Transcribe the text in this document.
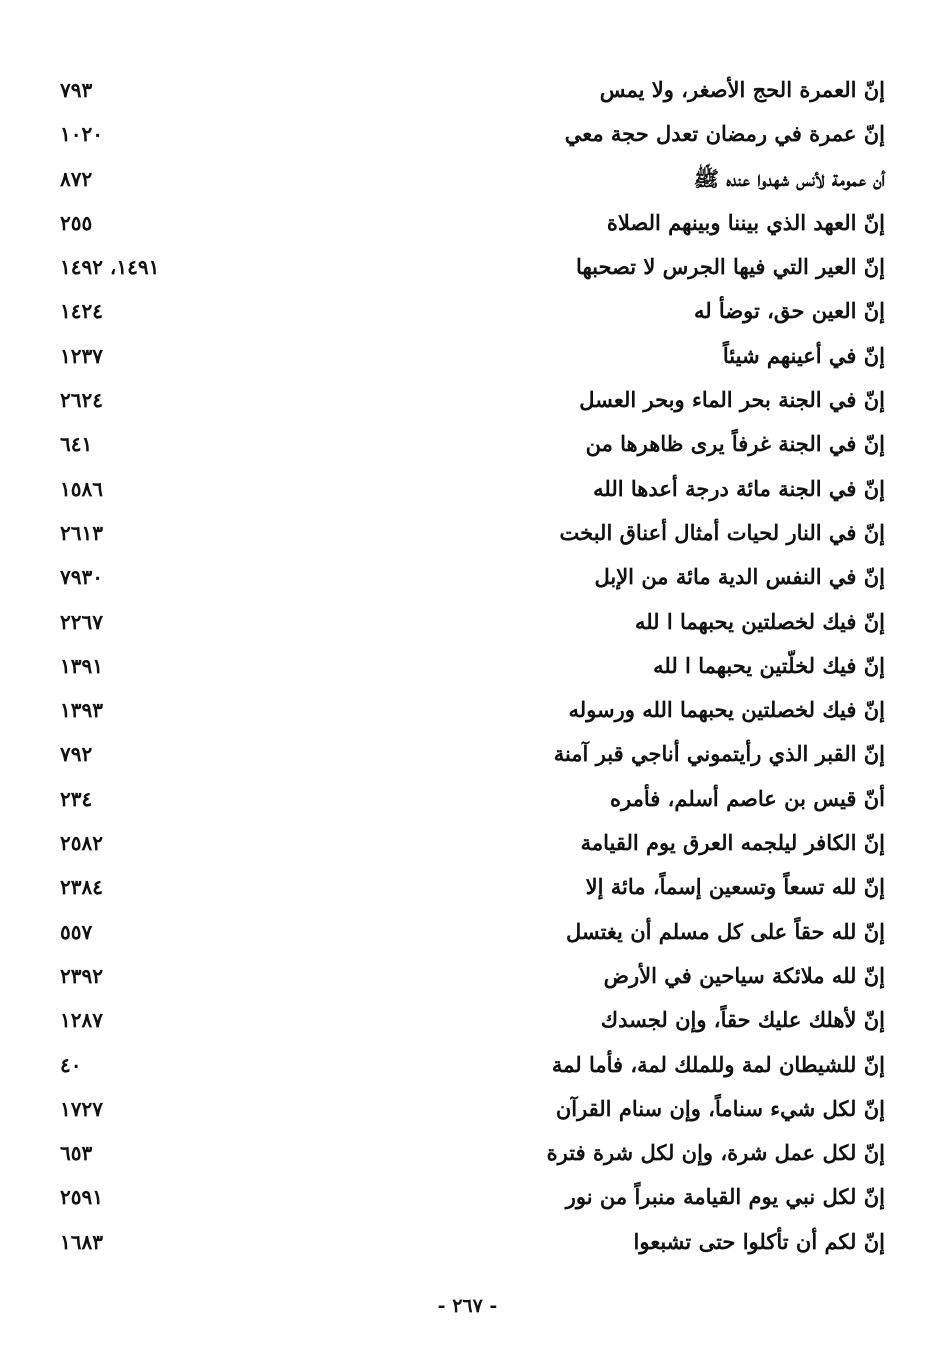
إنّ العمرة الحج الأصغر، ولا يمس
٧٩٣
إنّ عمرة في رمضان تعدل حجة معي
١٠٢٠
أن عمومة لأنس شهدوا عنده ﷺ
٨٧٢
إنّ العهد الذي بيننا وبينهم الصلاة
٢٥٥
إنّ العير التي فيها الجرس لا تصحبها
١٤٩١، ١٤٩٢
إنّ العين حق، توضأ له
١٤٢٤
إنّ في أعينهم شيئاً
١٢٣٧
إنّ في الجنة بحر الماء وبحر العسل
٢٦٢٤
إنّ في الجنة غرفاً يرى ظاهرها من
٦٤١
إنّ في الجنة مائة درجة أعدها الله
١٥٨٦
إنّ في النار لحيات أمثال أعناق البخت
٢٦١٣
إنّ في النفس الدية مائة من الإبل
٧٩٣٠
إنّ فيك لخصلتين يحبهما ا لله
٢٢٦٧
إنّ فيك لخلّتين يحبهما ا لله
١٣٩١
إنّ فيك لخصلتين يحبهما الله ورسوله
١٣٩٣
إنّ القبر الذي رأيتموني أناجي قبر آمنة
٧٩٢
أنّ قيس بن عاصم أسلم، فأمره
٢٣٤
إنّ الكافر ليلجمه العرق يوم القيامة
٢٥٨٢
إنّ لله تسعاً وتسعين إسماً، مائة إلا
٢٣٨٤
إنّ لله حقاً على كل مسلم أن يغتسل
٥٥٧
إنّ لله ملائكة سياحين في الأرض
٢٣٩٢
إنّ لأهلك عليك حقاً، وإن لجسدك
١٢٨٧
إنّ للشيطان لمة وللملك لمة، فأما لمة
٤٠
إنّ لكل شيء سناماً، وإن سنام القرآن
١٧٢٧
إنّ لكل عمل شرة، وإن لكل شرة فترة
٦٥٣
إنّ لكل نبي يوم القيامة منبراً من نور
٢٥٩١
إنّ لكم أن تأكلوا حتى تشبعوا
١٦٨٣
- ٢٦٧ -
